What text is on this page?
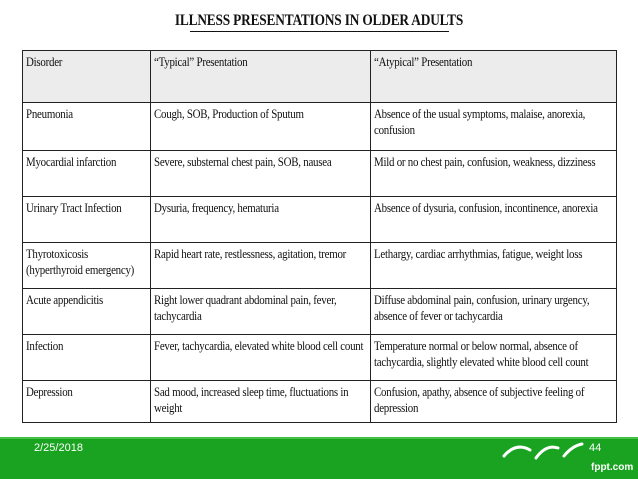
ILLNESS PRESENTATIONS IN OLDER ADULTS
Disorder	“Typical” Presentation	“Atypical” Presentation

Pneumonia	Cough, SOB, Production of Sputum	Absence of the usual symptoms, malaise, anorexia, confusion

Myocardial infarction	Severe, substernal chest pain, SOB, nausea	Mild or no chest pain, confusion, weakness, dizziness

Urinary Tract Infection	Dysuria, frequency, hematuria	Absence of dysuria, confusion, incontinence, anorexia

Thyrotoxicosis (hyperthyroid emergency)	Rapid heart rate, restlessness, agitation, tremor	Lethargy, cardiac arrhythmias, fatigue, weight loss

Acute appendicitis	Right lower quadrant abdominal pain, fever, tachycardia	Diffuse abdominal pain, confusion, urinary urgency, absence of fever or tachycardia

Infection	Fever, tachycardia, elevated white blood cell count	Temperature normal or below normal, absence of tachycardia, slightly elevated white blood cell count

Depression	Sad mood, increased sleep time, fluctuations in weight	Confusion, apathy, absence of subjective feeling of depression
2/25/2018	44
fppt.com
